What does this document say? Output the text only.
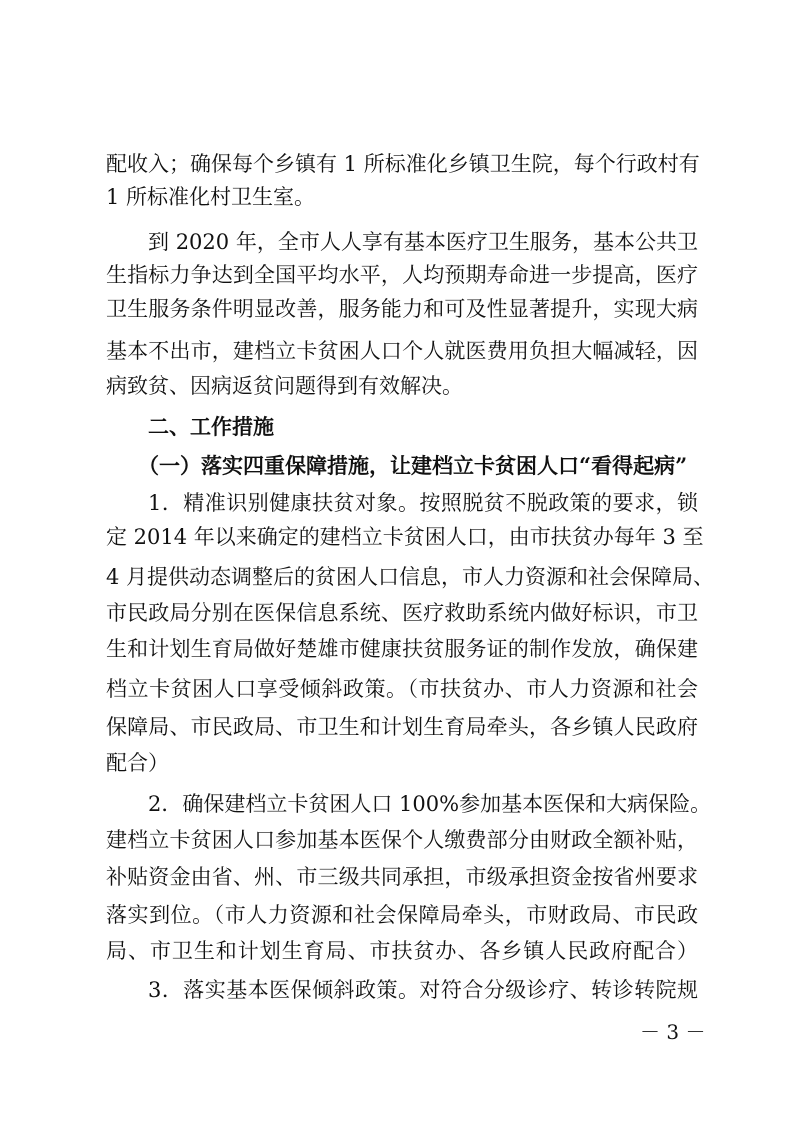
配收入；确保每个乡镇有 1 所标准化乡镇卫生院，每个行政村有
1 所标准化村卫生室。
到 2020 年，全市人人享有基本医疗卫生服务，基本公共卫
生指标力争达到全国平均水平，人均预期寿命进一步提高，医疗
卫生服务条件明显改善，服务能力和可及性显著提升，实现大病
基本不出市，建档立卡贫困人口个人就医费用负担大幅减轻，因
病致贫、因病返贫问题得到有效解决。
二、工作措施
（一）落实四重保障措施，让建档立卡贫困人口“看得起病”
1．精准识别健康扶贫对象。按照脱贫不脱政策的要求，锁
定 2014 年以来确定的建档立卡贫困人口，由市扶贫办每年 3 至
4 月提供动态调整后的贫困人口信息，市人力资源和社会保障局、
市民政局分别在医保信息系统、医疗救助系统内做好标识，市卫
生和计划生育局做好楚雄市健康扶贫服务证的制作发放，确保建
档立卡贫困人口享受倾斜政策。（市扶贫办、市人力资源和社会
保障局、市民政局、市卫生和计划生育局牵头，各乡镇人民政府
配合）
2．确保建档立卡贫困人口 100%参加基本医保和大病保险。
建档立卡贫困人口参加基本医保个人缴费部分由财政全额补贴，
补贴资金由省、州、市三级共同承担，市级承担资金按省州要求
落实到位。（市人力资源和社会保障局牵头，市财政局、市民政
局、市卫生和计划生育局、市扶贫办、各乡镇人民政府配合）
3．落实基本医保倾斜政策。对符合分级诊疗、转诊转院规
－ 3 －
